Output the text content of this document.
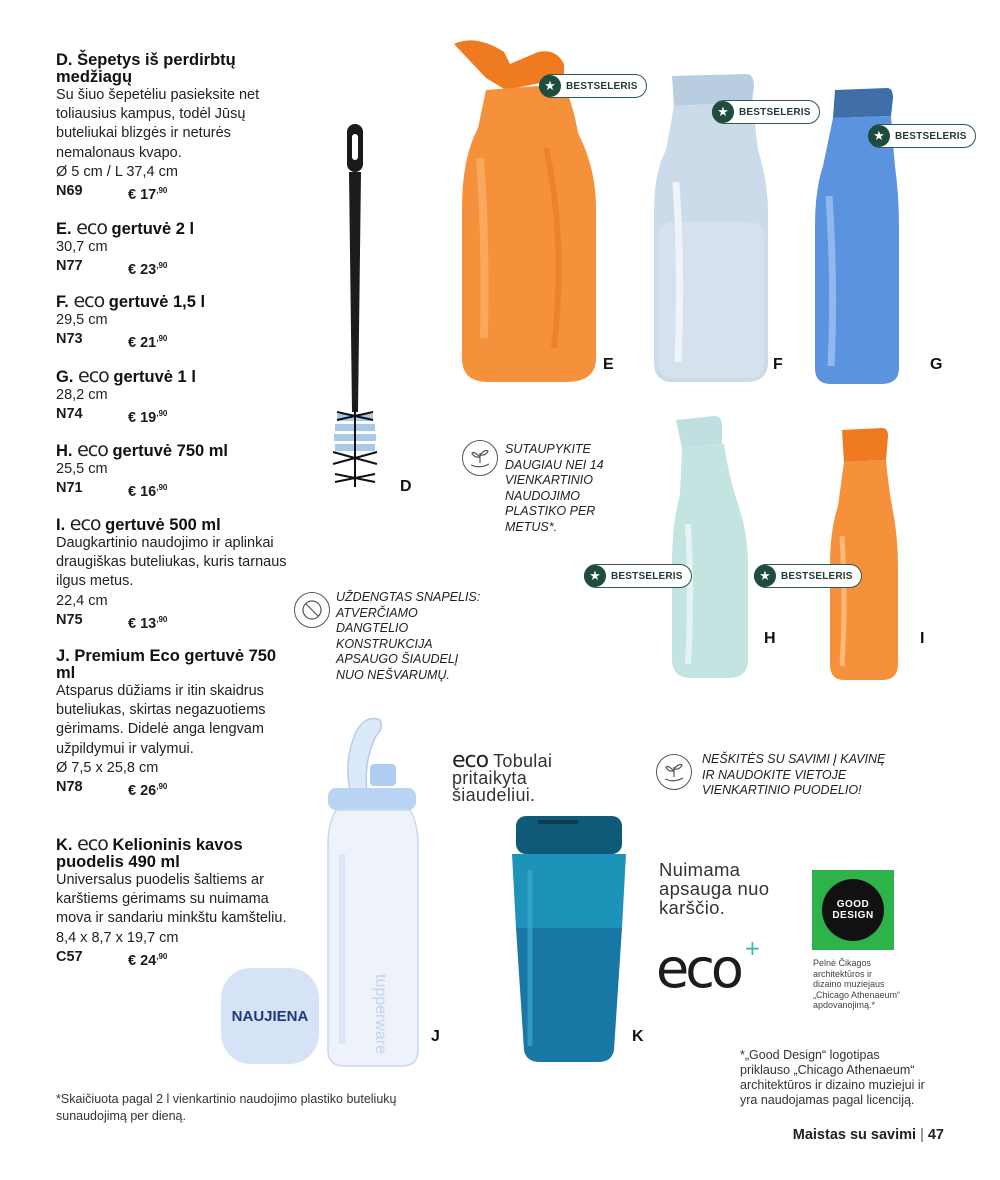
D. Šepetys iš perdirbtų medžiagų
Su šiuo šepetėliu pasieksite net toliausius kampus, todėl Jūsų buteliukai blizgės ir neturės nemalonaus kvapo.
Ø 5 cm / L 37,4 cm
N69	€ $17^{,90}$
E. eco gertuvė 2 l
30,7 cm
N77	€ $23^{,90}$
F. eco gertuvė 1,5 l
29,5 cm
N73	€ $21^{,90}$
G. eco gertuvė 1 l
28,2 cm
N74	€ $19^{,90}$
H. eco gertuvė 750 ml
25,5 cm
N71	€ $16^{,90}$
I. eco gertuvė 500 ml
Daugkartinio naudojimo ir aplinkai draugiškas buteliukas, kuris tarnaus ilgus metus.
22,4 cm
N75	€ $13^{,90}$
J. Premium Eco gertuvė 750 ml
Atsparus dūžiams ir itin skaidrus buteliukas, skirtas negazuotiems gėrimams. Didelė anga lengvam užpildymui ir valymui.
Ø 7,5 x 25,8 cm
N78	€ $26^{,90}$
K. eco Kelioninis kavos puodelis 490 ml
Universalus puodelis šaltiems ar karštiems gėrimams su nuimama mova ir sandariu minkštu kamšteliu.
8,4 x 8,7 x 19,7 cm
C57	€ $24^{,90}$
D
E	F	G
H	I
★	BESTSELERIS
★	BESTSELERIS
★	BESTSELERIS
★	BESTSELERIS	★	BESTSELERIS
SUTAUPYKITE
DAUGIAU NEI 14
VIENKARTINIO
NAUDOJIMO
PLASTIKO PER
METUS*.
UŽDENGTAS SNAPELIS:
ATVERČIAMO
DANGTELIO
KONSTRUKCIJA
APSAUGO ŠIAUDELĮ
NUO NEŠVARUMŲ.
NEŠKITĖS SU SAVIMI Į KAVINĘ
IR NAUDOKITE VIETOJE
VIENKARTINIO PUODELIO!
tupperware	J
NAUJIENA
eco Tobulai
pritaikyta
šiaudeliui.
K
Nuimama
apsauga nuo
karščio.
eco +
GOOD
DESIGN
Pelnė Čikagos
architektūros ir
dizaino muziejaus
„Chicago Athenaeum“
apdovanojimą.*
*Skaičiuota pagal 2 l vienkartinio naudojimo plastiko buteliukų
sunaudojimą per dieną.
*„Good Design“ logotipas
priklauso „Chicago Athenaeum“
architektūros ir dizaino muziejui ir
yra naudojamas pagal licenciją.
Maistas su savimi | 47
